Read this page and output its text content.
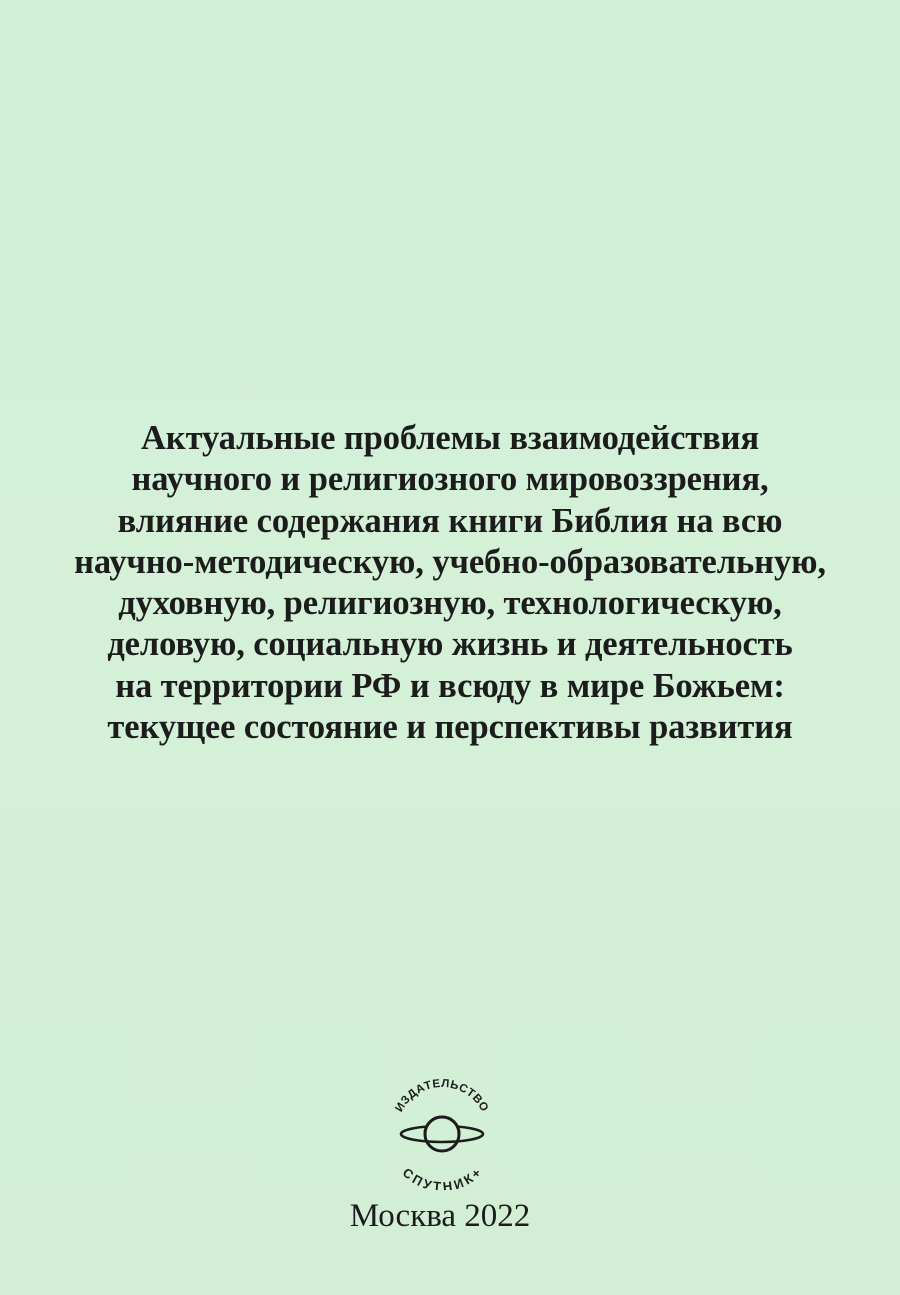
Актуальные проблемы взаимодействия
научного и религиозного мировоззрения,
влияние содержания книги Библия на всю
научно-методическую, учебно-образовательную,
духовную, религиозную, технологическую,
деловую, социальную жизнь и деятельность
на территории РФ и всюду в мире Божьем:
текущее состояние и перспективы развития
ИЗДАТЕЛЬСТВО
СПУТНИК+
Москва 2022
